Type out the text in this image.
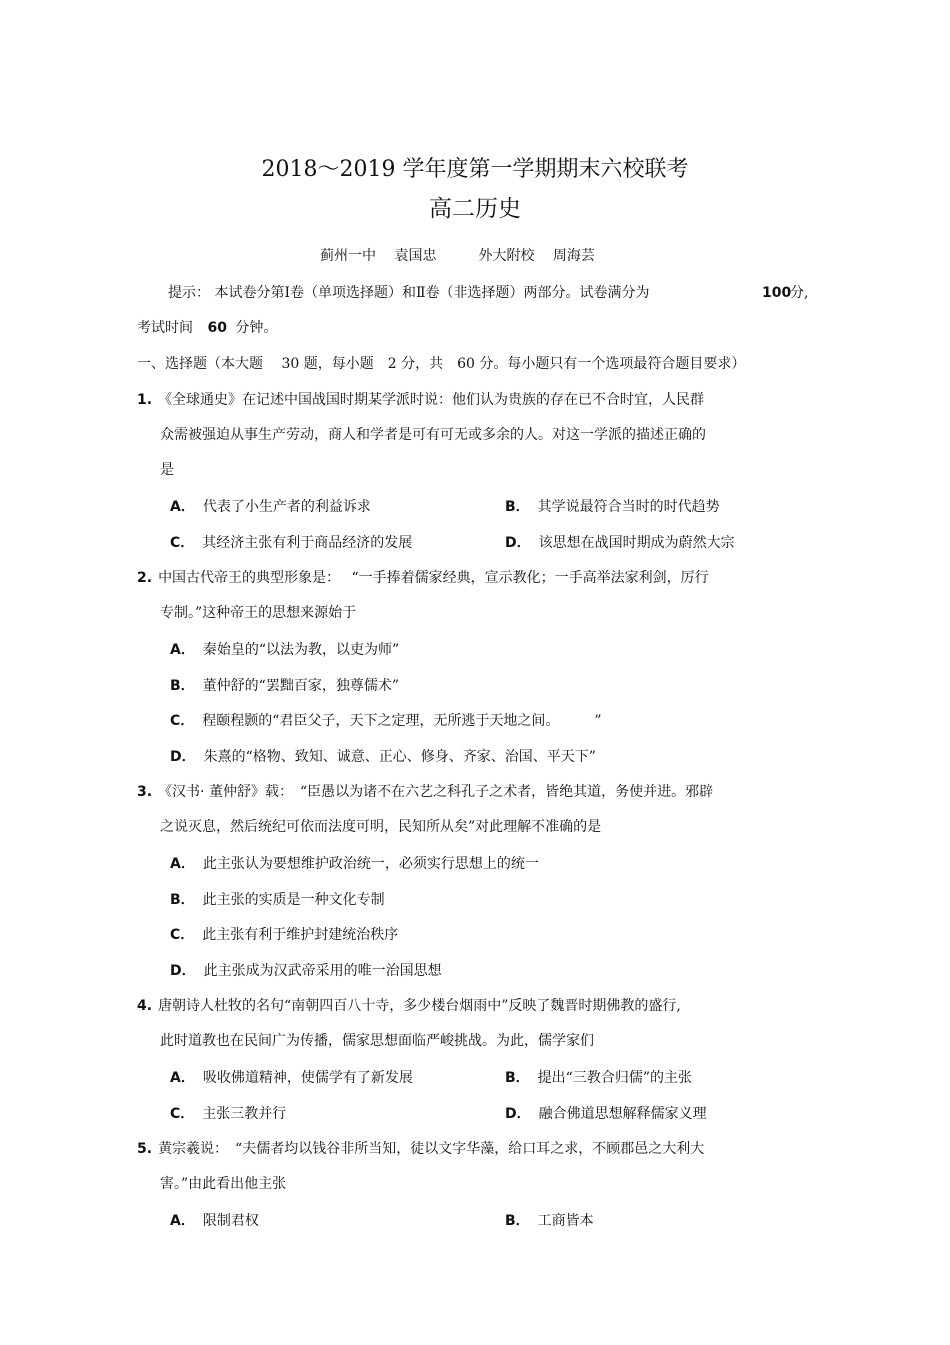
2018～2019 学年度第一学期期末六校联考
高二历史
蓟州一中　 袁国忠　　　外大附校　 周海芸
提示： 本试卷分第Ⅰ卷（单项选择题）和Ⅱ卷（非选择题）两部分。试卷满分为	100
分,
考试时间 60 分钟。
一、选择题（本大题　 30 题，每小题　2 分，共　60 分。每小题只有一个选项最符合题目要求）
1. 《全球通史》在记述中国战国时期某学派时说：他们认为贵族的存在已不合时宜，人民群
众需被强迫从事生产劳动，商人和学者是可有可无或多余的人。对这一学派的描述正确的
是
A． 代表了小生产者的利益诉求	B． 其学说最符合当时的时代趋势
C． 其经济主张有利于商品经济的发展	D． 该思想在战国时期成为蔚然大宗
2. 中国古代帝王的典型形象是：　 “一手捧着儒家经典，宣示教化；一手高举法家利剑，厉行
专制。”这种帝王的思想来源始于
A． 秦始皇的“以法为教，以吏为师”
B． 董仲舒的“罢黜百家，独尊儒术”
C． 程颐程颢的“君臣父子，天下之定理，无所逃于天地之间。　　　”
D． 朱熹的“格物、致知、诚意、正心、修身、齐家、治国、平天下”
3. 《汉书· 董仲舒》载：　“臣愚以为诸不在六艺之科孔子之术者，皆绝其道，务使并进。邪辟
之说灭息，然后统纪可依而法度可明，民知所从矣”对此理解不准确的是
A． 此主张认为要想维护政治统一，必须实行思想上的统一
B． 此主张的实质是一种文化专制
C． 此主张有利于维护封建统治秩序
D． 此主张成为汉武帝采用的唯一治国思想
4. 唐朝诗人杜牧的名句“南朝四百八十寺，多少楼台烟雨中”反映了魏晋时期佛教的盛行,
此时道教也在民间广为传播，儒家思想面临严峻挑战。为此，儒学家们
A． 吸收佛道精神，使儒学有了新发展	B． 提出“三教合归儒”的主张
C． 主张三教并行	D． 融合佛道思想解释儒家义理
5. 黄宗羲说：　“夫儒者均以钱谷非所当知，徒以文字华藻，给口耳之求，不顾郡邑之大利大
害。”由此看出他主张
A． 限制君权	B． 工商皆本
